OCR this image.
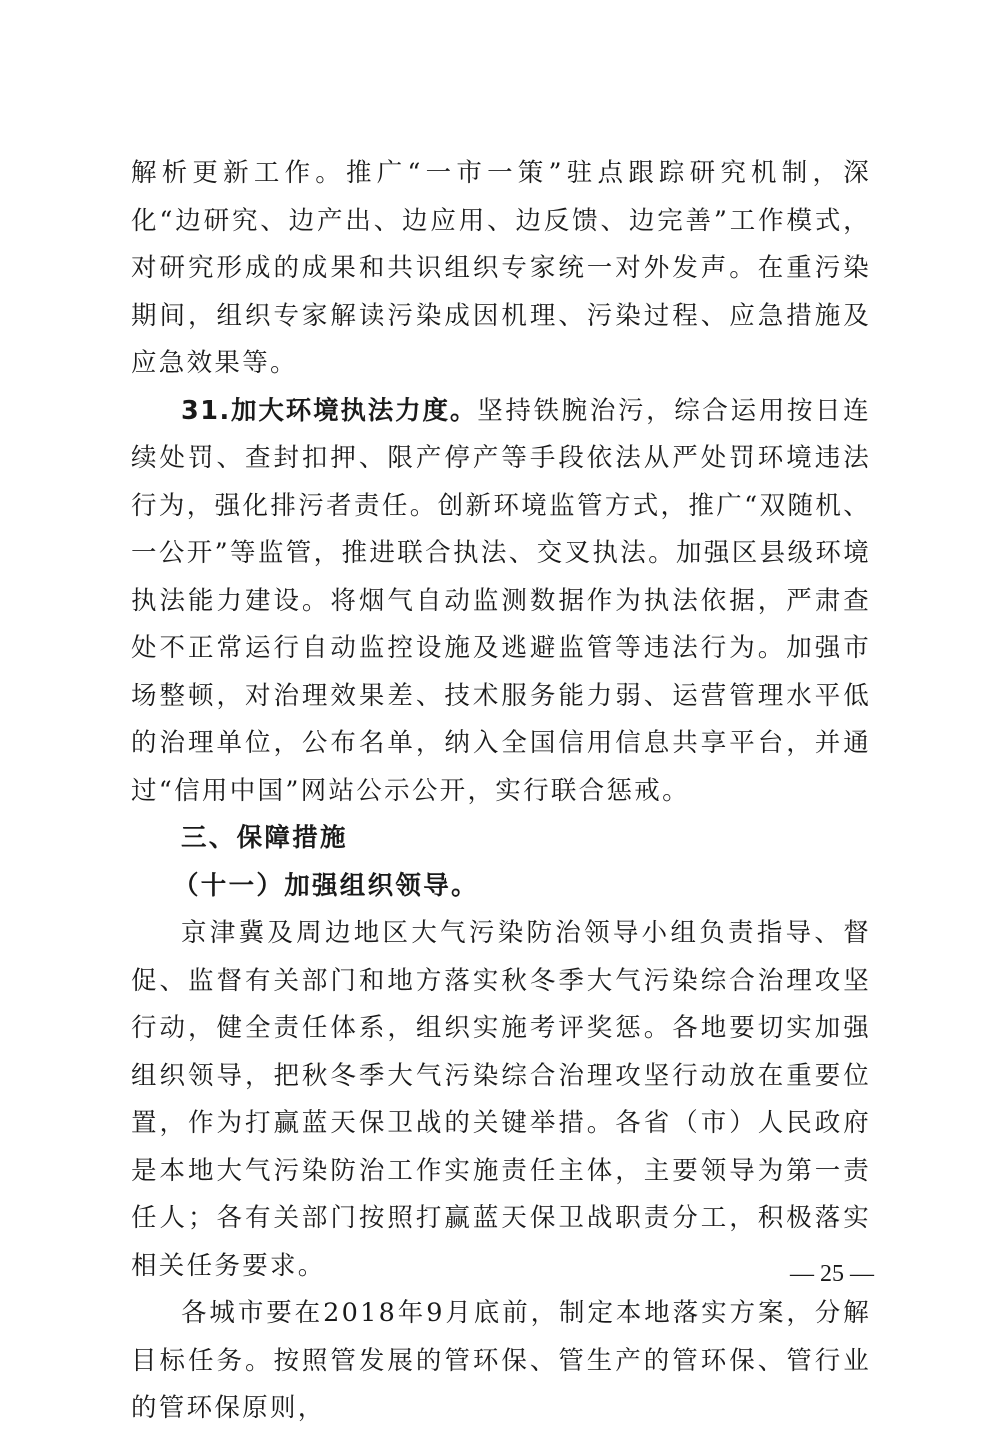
解析更新工作。推广“一市一策”驻点跟踪研究机制，深化“边研究、边产出、边应用、边反馈、边完善”工作模式，对研究形成的成果和共识组织专家统一对外发声。在重污染期间，组织专家解读污染成因机理、污染过程、应急措施及应急效果等。

31.加大环境执法力度。坚持铁腕治污，综合运用按日连续处罚、查封扣押、限产停产等手段依法从严处罚环境违法行为，强化排污者责任。创新环境监管方式，推广“双随机、一公开”等监管，推进联合执法、交叉执法。加强区县级环境执法能力建设。将烟气自动监测数据作为执法依据，严肃查处不正常运行自动监控设施及逃避监管等违法行为。加强市场整顿，对治理效果差、技术服务能力弱、运营管理水平低的治理单位，公布名单，纳入全国信用信息共享平台，并通过“信用中国”网站公示公开，实行联合惩戒。

三、保障措施

（十一）加强组织领导。

京津冀及周边地区大气污染防治领导小组负责指导、督促、监督有关部门和地方落实秋冬季大气污染综合治理攻坚行动，健全责任体系，组织实施考评奖惩。各地要切实加强组织领导，把秋冬季大气污染综合治理攻坚行动放在重要位置，作为打赢蓝天保卫战的关键举措。各省（市）人民政府是本地大气污染防治工作实施责任主体，主要领导为第一责任人；各有关部门按照打赢蓝天保卫战职责分工，积极落实相关任务要求。

各城市要在2018年9月底前，制定本地落实方案，分解目标任务。按照管发展的管环保、管生产的管环保、管行业的管环保原则，

— 25 —
